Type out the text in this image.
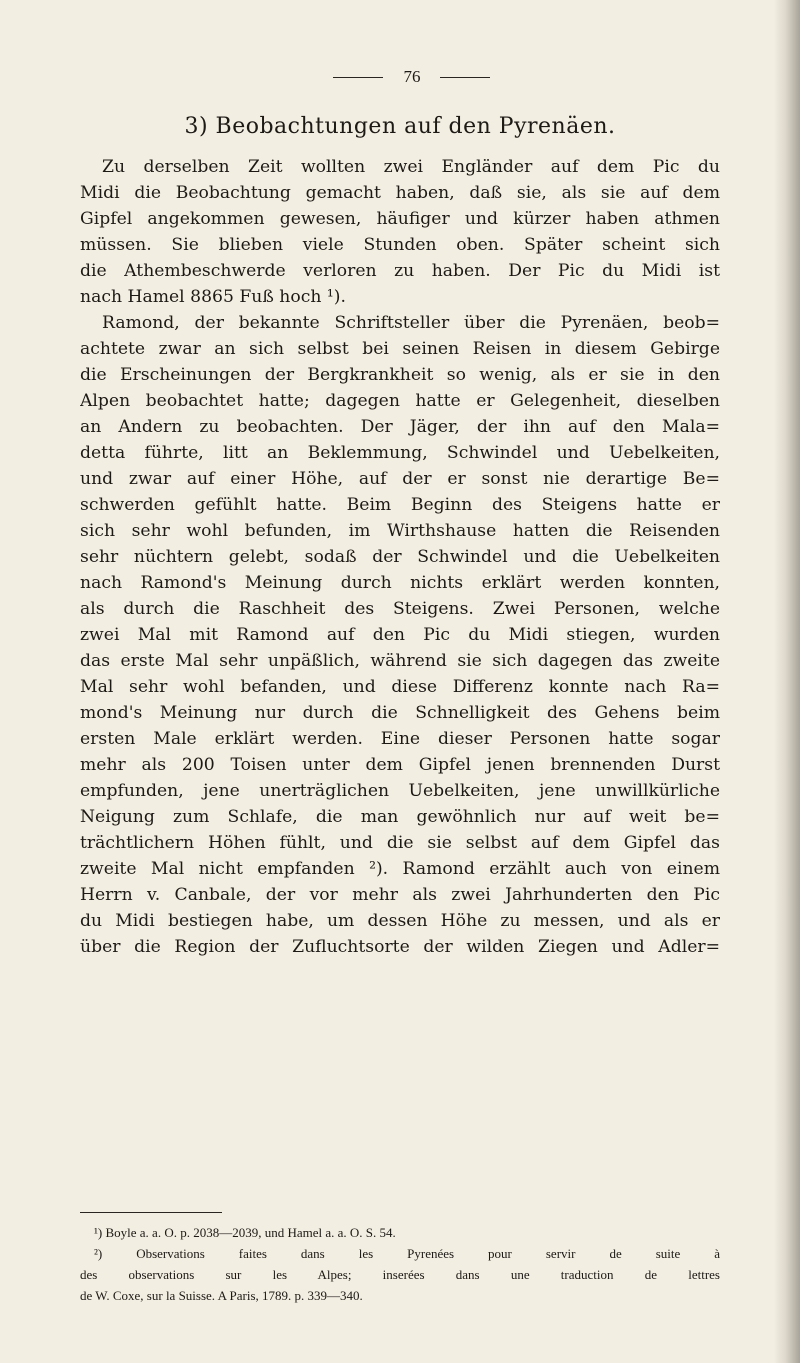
76
3) Beobachtungen auf den Pyrenäen.
Zu derselben Zeit wollten zwei Engländer auf dem Pic du
Midi die Beobachtung gemacht haben, daß sie, als sie auf dem
Gipfel angekommen gewesen, häufiger und kürzer haben athmen
müssen. Sie blieben viele Stunden oben. Später scheint sich
die Athembeschwerde verloren zu haben. Der Pic du Midi ist
nach Hamel 8865 Fuß hoch ¹).
Ramond, der bekannte Schriftsteller über die Pyrenäen, beob=
achtete zwar an sich selbst bei seinen Reisen in diesem Gebirge
die Erscheinungen der Bergkrankheit so wenig, als er sie in den
Alpen beobachtet hatte; dagegen hatte er Gelegenheit, dieselben
an Andern zu beobachten. Der Jäger, der ihn auf den Mala=
detta führte, litt an Beklemmung, Schwindel und Uebelkeiten,
und zwar auf einer Höhe, auf der er sonst nie derartige Be=
schwerden gefühlt hatte. Beim Beginn des Steigens hatte er
sich sehr wohl befunden, im Wirthshause hatten die Reisenden
sehr nüchtern gelebt, sodaß der Schwindel und die Uebelkeiten
nach Ramond's Meinung durch nichts erklärt werden konnten,
als durch die Raschheit des Steigens. Zwei Personen, welche
zwei Mal mit Ramond auf den Pic du Midi stiegen, wurden
das erste Mal sehr unpäßlich, während sie sich dagegen das zweite
Mal sehr wohl befanden, und diese Differenz konnte nach Ra=
mond's Meinung nur durch die Schnelligkeit des Gehens beim
ersten Male erklärt werden. Eine dieser Personen hatte sogar
mehr als 200 Toisen unter dem Gipfel jenen brennenden Durst
empfunden, jene unerträglichen Uebelkeiten, jene unwillkürliche
Neigung zum Schlafe, die man gewöhnlich nur auf weit be=
trächtlichern Höhen fühlt, und die sie selbst auf dem Gipfel das
zweite Mal nicht empfanden ²). Ramond erzählt auch von einem
Herrn v. Canbale, der vor mehr als zwei Jahrhunderten den Pic
du Midi bestiegen habe, um dessen Höhe zu messen, und als er
über die Region der Zufluchtsorte der wilden Ziegen und Adler=
¹) Boyle a. a. O. p. 2038—2039, und Hamel a. a. O. S. 54.
²) Observations faites dans les Pyrenées pour servir de suite à
des observations sur les Alpes; inserées dans une traduction de lettres
de W. Coxe, sur la Suisse. A Paris, 1789. p. 339—340.
